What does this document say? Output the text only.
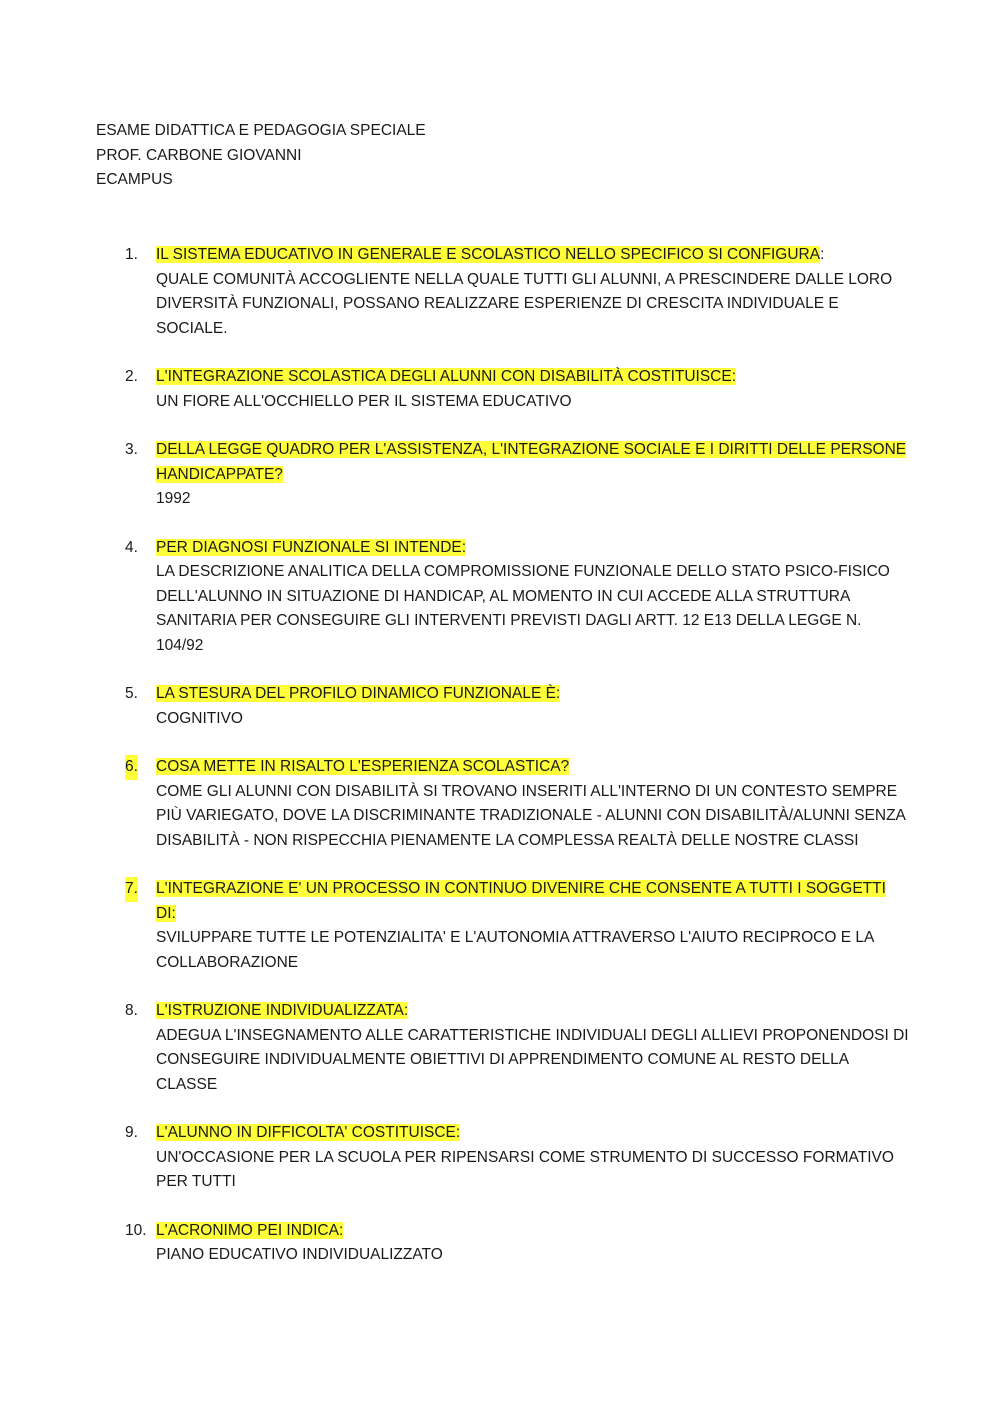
ESAME DIDATTICA E PEDAGOGIA SPECIALE
PROF. CARBONE GIOVANNI
ECAMPUS
1. IL SISTEMA EDUCATIVO IN GENERALE E SCOLASTICO NELLO SPECIFICO SI CONFIGURA:
QUALE COMUNITÀ ACCOGLIENTE NELLA QUALE TUTTI GLI ALUNNI, A PRESCINDERE DALLE LORO DIVERSITÀ FUNZIONALI, POSSANO REALIZZARE ESPERIENZE DI CRESCITA INDIVIDUALE E SOCIALE.
2. L'INTEGRAZIONE SCOLASTICA DEGLI ALUNNI CON DISABILITÀ COSTITUISCE:
UN FIORE ALL'OCCHIELLO PER IL SISTEMA EDUCATIVO
3. DELLA LEGGE QUADRO PER L'ASSISTENZA, L'INTEGRAZIONE SOCIALE E I DIRITTI DELLE PERSONE HANDICAPPATE?
1992
4. PER DIAGNOSI FUNZIONALE SI INTENDE:
LA DESCRIZIONE ANALITICA DELLA COMPROMISSIONE FUNZIONALE DELLO STATO PSICO-FISICO DELL'ALUNNO IN SITUAZIONE DI HANDICAP, AL MOMENTO IN CUI ACCEDE ALLA STRUTTURA SANITARIA PER CONSEGUIRE GLI INTERVENTI PREVISTI DAGLI ARTT. 12 E13 DELLA LEGGE N. 104/92
5. LA STESURA DEL PROFILO DINAMICO FUNZIONALE È:
COGNITIVO
6. COSA METTE IN RISALTO L'ESPERIENZA SCOLASTICA?
COME GLI ALUNNI CON DISABILITÀ SI TROVANO INSERITI ALL'INTERNO DI UN CONTESTO SEMPRE PIÙ VARIEGATO, DOVE LA DISCRIMINANTE TRADIZIONALE - ALUNNI CON DISABILITÀ/ALUNNI SENZA DISABILITÀ - NON RISPECCHIA PIENAMENTE LA COMPLESSA REALTÀ DELLE NOSTRE CLASSI
7. L'INTEGRAZIONE E' UN PROCESSO IN CONTINUO DIVENIRE CHE CONSENTE A TUTTI I SOGGETTI DI:
SVILUPPARE TUTTE LE POTENZIALITA' E L'AUTONOMIA ATTRAVERSO L'AIUTO RECIPROCO E LA COLLABORAZIONE
8. L'ISTRUZIONE INDIVIDUALIZZATA:
ADEGUA L'INSEGNAMENTO ALLE CARATTERISTICHE INDIVIDUALI DEGLI ALLIEVI PROPONENDOSI DI CONSEGUIRE INDIVIDUALMENTE OBIETTIVI DI APPRENDIMENTO COMUNE AL RESTO DELLA CLASSE
9. L'ALUNNO IN DIFFICOLTA' COSTITUISCE:
UN'OCCASIONE PER LA SCUOLA PER RIPENSARSI COME STRUMENTO DI SUCCESSO FORMATIVO PER TUTTI
10. L'ACRONIMO PEI INDICA:
PIANO EDUCATIVO INDIVIDUALIZZATO
